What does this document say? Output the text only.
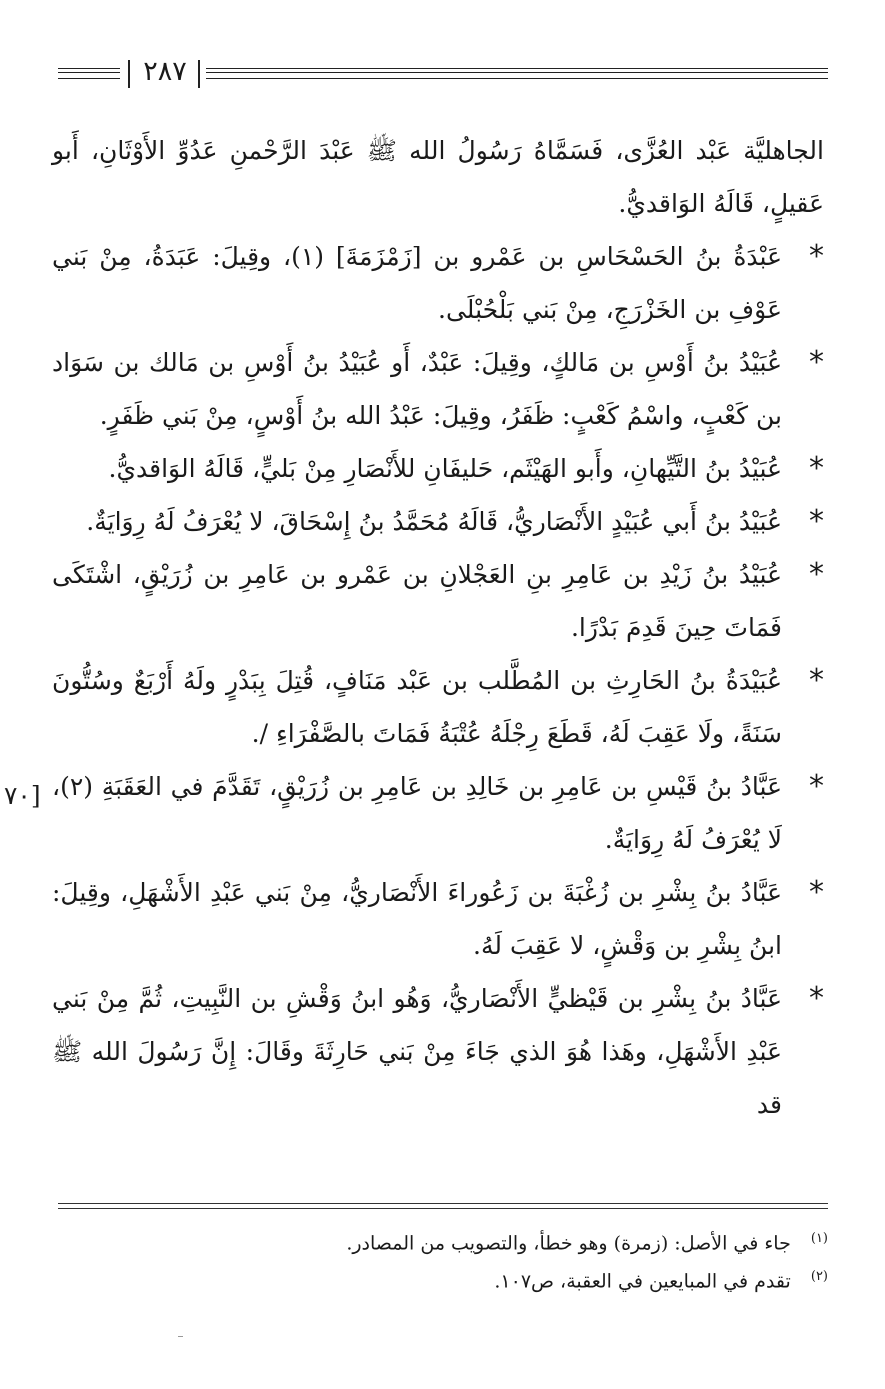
٢٨٧

الجاهليَّة عَبْد العُزَّى، فَسَمَّاهُ رَسُولُ الله ﷺ عَبْدَ الرَّحْمنِ عَدُوِّ الأَوْثَانِ، أَبو عَقيلٍ، قَالَهُ الوَاقديُّ.

*
عَبْدَةُ بنُ الحَسْحَاسِ بن عَمْرو بن [زَمْزَمَةَ] (١)، وقِيلَ: عَبَدَةُ، مِنْ بَني عَوْفِ بن الخَزْرَجِ، مِنْ بَني بَلْحُبْلَى.
*
عُبَيْدُ بنُ أَوْسِ بن مَالكٍ، وقِيلَ: عَبْدٌ، أَو عُبَيْدُ بنُ أَوْسِ بن مَالك بن سَوَاد بن كَعْبٍ، واسْمُ كَعْبٍ: ظَفَرُ، وقِيلَ: عَبْدُ الله بنُ أَوْسٍ، مِنْ بَني ظَفَرٍ.
*
عُبَيْدُ بنُ التَّيِّهانِ، وأَبو الهَيْثَم، حَليفَانِ للأَنْصَارِ مِنْ بَليٍّ، قَالَهُ الوَاقديُّ.
*
عُبَيْدُ بنُ أَبي عُبَيْدٍ الأَنْصَاريُّ، قَالَهُ مُحَمَّدُ بنُ إِسْحَاقَ، لا يُعْرَفُ لَهُ رِوَايَةٌ.
*
عُبَيْدُ بنُ زَيْدِ بن عَامِرِ بنِ العَجْلانِ بن عَمْرو بن عَامِرِ بن زُرَيْقٍ، اشْتَكَى فَمَاتَ حِينَ قَدِمَ بَدْرًا.
*
عُبَيْدَةُ بنُ الحَارِثِ بن المُطَّلب بن عَبْد مَنَافٍ، قُتِلَ بِبَدْرٍ ولَهُ أَرْبَعٌ وسُتُّونَ سَنَةً، ولَا عَقِبَ لَهُ، قَطَعَ رِجْلَهُ عُتْبَةُ فَمَاتَ بالصَّفْرَاءِ /.
*
عَبَّادُ بنُ قَيْسِ بن عَامِرِ بن خَالِدِ بن عَامِرِ بن زُرَيْقٍ، تَقَدَّمَ في العَقَبَةِ (٢)، لَا يُعْرَفُ لَهُ رِوَايَةٌ.
*
عَبَّادُ بنُ بِشْرِ بن زُغْبَةَ بن زَعُوراءَ الأَنْصَاريُّ، مِنْ بَني عَبْدِ الأَشْهَلِ، وقِيلَ: ابنُ بِشْرِ بن وَقْشٍ، لا عَقِبَ لَهُ.
*
عَبَّادُ بنُ بِشْرِ بن قَيْظيٍّ الأَنْصَاريُّ، وَهُو ابنُ وَقْشِ بن النَّبِيتِ، ثُمَّ مِنْ بَني عَبْدِ الأَشْهَلِ، وهَذا هُوَ الذي جَاءَ مِنْ بَني حَارِثَةَ وقَالَ: إِنَّ رَسُولَ الله ﷺ قد
[٧٠

$^{(١)}$ جاء في الأصل: (زمرة) وهو خطأ، والتصويب من المصادر.

$^{(٢)}$ تقدم في المبايعين في العقبة، ص١٠٧.
